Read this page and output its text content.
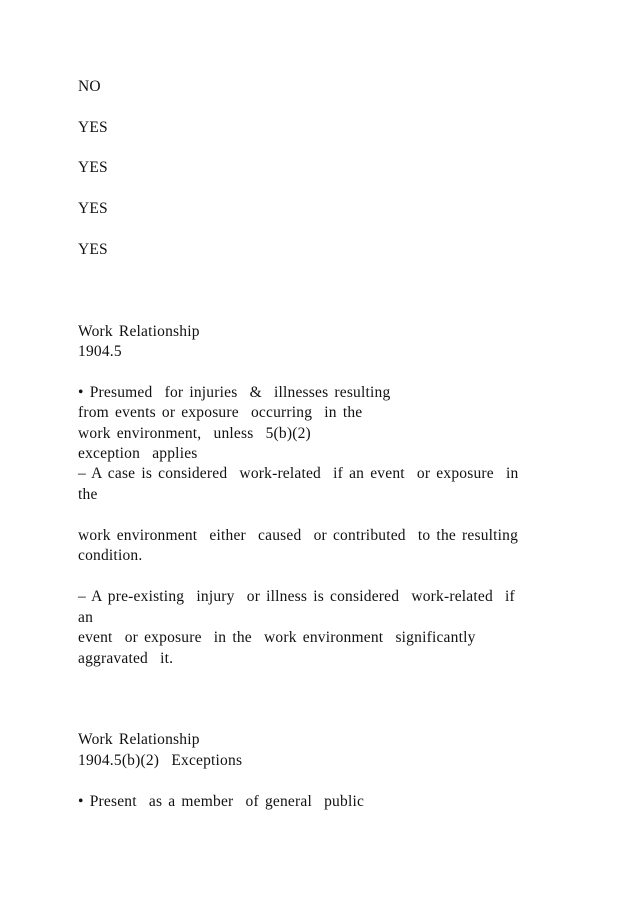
NO
YES
YES
YES
YES
Work Relationship
1904.5
• Presumed  for injuries  &  illnesses resulting
from events or exposure  occurring  in the
work environment,  unless  5(b)(2)
exception  applies
– A case is considered  work-related  if an event  or exposure  in
the
work environment  either  caused  or contributed  to the resulting
condition.
– A pre-existing  injury  or illness is considered  work-related  if
an
event  or exposure  in the  work environment  significantly
aggravated  it.
Work Relationship
1904.5(b)(2)  Exceptions
• Present  as a member  of general  public
